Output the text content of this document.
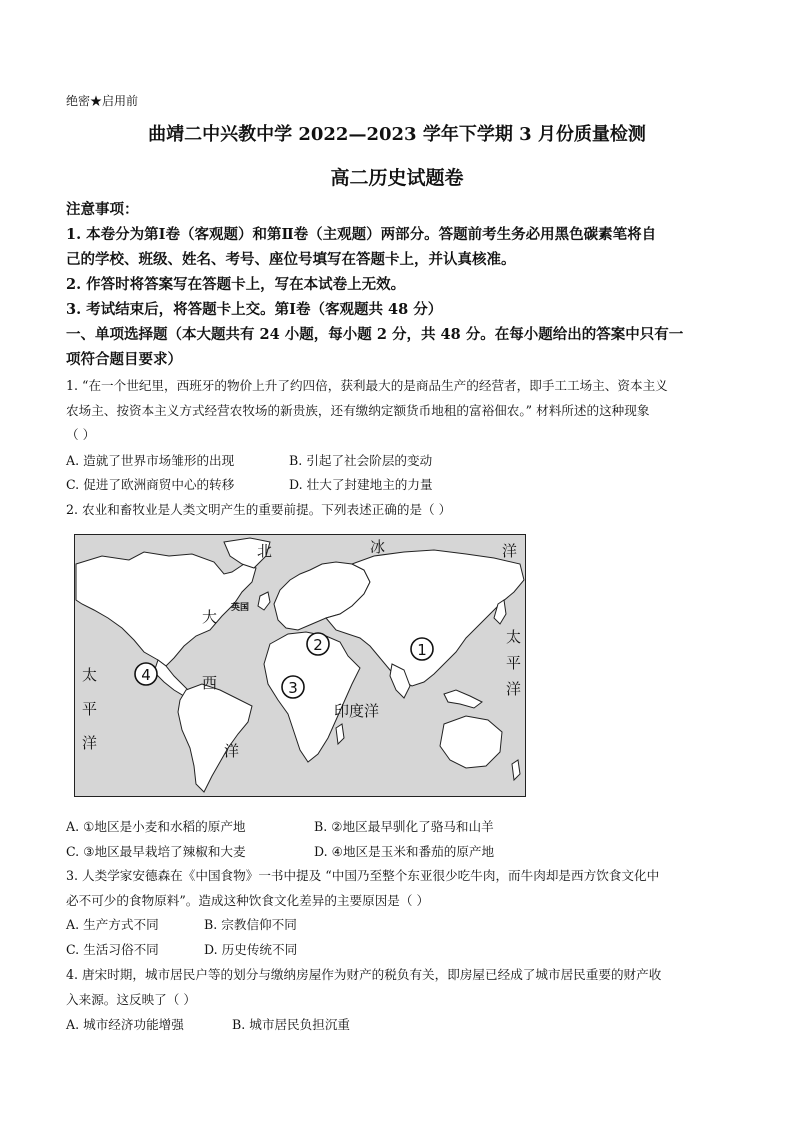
绝密★启用前
曲靖二中兴教中学 2022—2023 学年下学期 3 月份质量检测
高二历史试题卷
注意事项：
1. 本卷分为第Ⅰ卷（客观题）和第Ⅱ卷（主观题）两部分。答题前考生务必用黑色碳素笔将自
己的学校、班级、姓名、考号、座位号填写在答题卡上，并认真核准。
2. 作答时将答案写在答题卡上，写在本试卷上无效。
3. 考试结束后，将答题卡上交。第Ⅰ卷（客观题共 48 分）
一、单项选择题（本大题共有 24 小题，每小题 2 分，共 48 分。在每小题给出的答案中只有一
项符合题目要求）
1. “在一个世纪里，西班牙的物价上升了约四倍，获利最大的是商品生产的经营者，即手工工场主、资本主义
农场主、按资本主义方式经营农牧场的新贵族，还有缴纳定额货币地租的富裕佃农。” 材料所述的这种现象
（ ）
A. 造就了世界市场雏形的出现	B. 引起了社会阶层的变动
C. 促进了欧洲商贸中心的转移	D. 壮大了封建地主的力量
2. 农业和畜牧业是人类文明产生的重要前提。下列表述正确的是（ ）
北	冰	洋
大 英国
太
平
洋
西
太
平
洋
印度洋
洋
1
2
3
4
A. ①地区是小麦和水稻的原产地	B. ②地区最早驯化了骆马和山羊
C. ③地区最早栽培了辣椒和大麦	D. ④地区是玉米和番茄的原产地
3. 人类学家安德森在《中国食物》一书中提及 “中国乃至整个东亚很少吃牛肉，而牛肉却是西方饮食文化中
必不可少的食物原料”。造成这种饮食文化差异的主要原因是（ ）
A. 生产方式不同	B. 宗教信仰不同
C. 生活习俗不同	D. 历史传统不同
4. 唐宋时期，城市居民户等的划分与缴纳房屋作为财产的税负有关，即房屋已经成了城市居民重要的财产收
入来源。这反映了（ ）
A. 城市经济功能增强	B. 城市居民负担沉重
